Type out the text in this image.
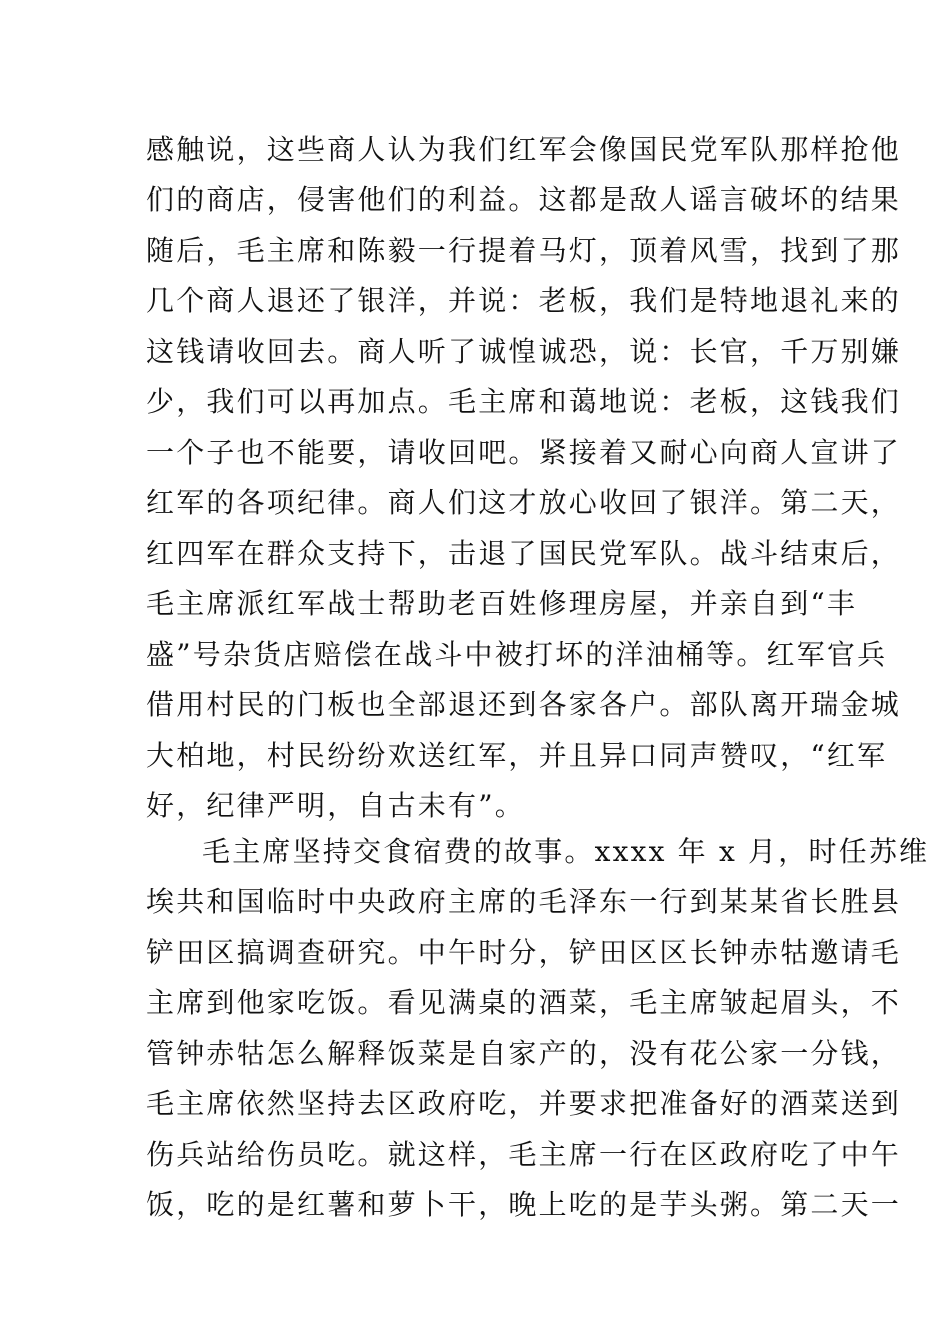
感触说，这些商人认为我们红军会像国民党军队那样抢他
们的商店，侵害他们的利益。这都是敌人谣言破坏的结果
随后，毛主席和陈毅一行提着马灯，顶着风雪，找到了那
几个商人退还了银洋，并说：老板，我们是特地退礼来的
这钱请收回去。商人听了诚惶诚恐，说：长官，千万别嫌
少，我们可以再加点。毛主席和蔼地说：老板，这钱我们
一个子也不能要，请收回吧。紧接着又耐心向商人宣讲了
红军的各项纪律。商人们这才放心收回了银洋。第二天，
红四军在群众支持下，击退了国民党军队。战斗结束后，
毛主席派红军战士帮助老百姓修理房屋，并亲自到“丰
盛”号杂货店赔偿在战斗中被打坏的洋油桶等。红军官兵
借用村民的门板也全部退还到各家各户。部队离开瑞金城
大柏地，村民纷纷欢送红军，并且异口同声赞叹，“红军
好，纪律严明，自古未有”。
毛主席坚持交食宿费的故事。xxxx 年 x 月，时任苏维
埃共和国临时中央政府主席的毛泽东一行到某某省长胜县
铲田区搞调查研究。中午时分，铲田区区长钟赤牯邀请毛
主席到他家吃饭。看见满桌的酒菜，毛主席皱起眉头，不
管钟赤牯怎么解释饭菜是自家产的，没有花公家一分钱，
毛主席依然坚持去区政府吃，并要求把准备好的酒菜送到
伤兵站给伤员吃。就这样，毛主席一行在区政府吃了中午
饭，吃的是红薯和萝卜干，晚上吃的是芋头粥。第二天一
